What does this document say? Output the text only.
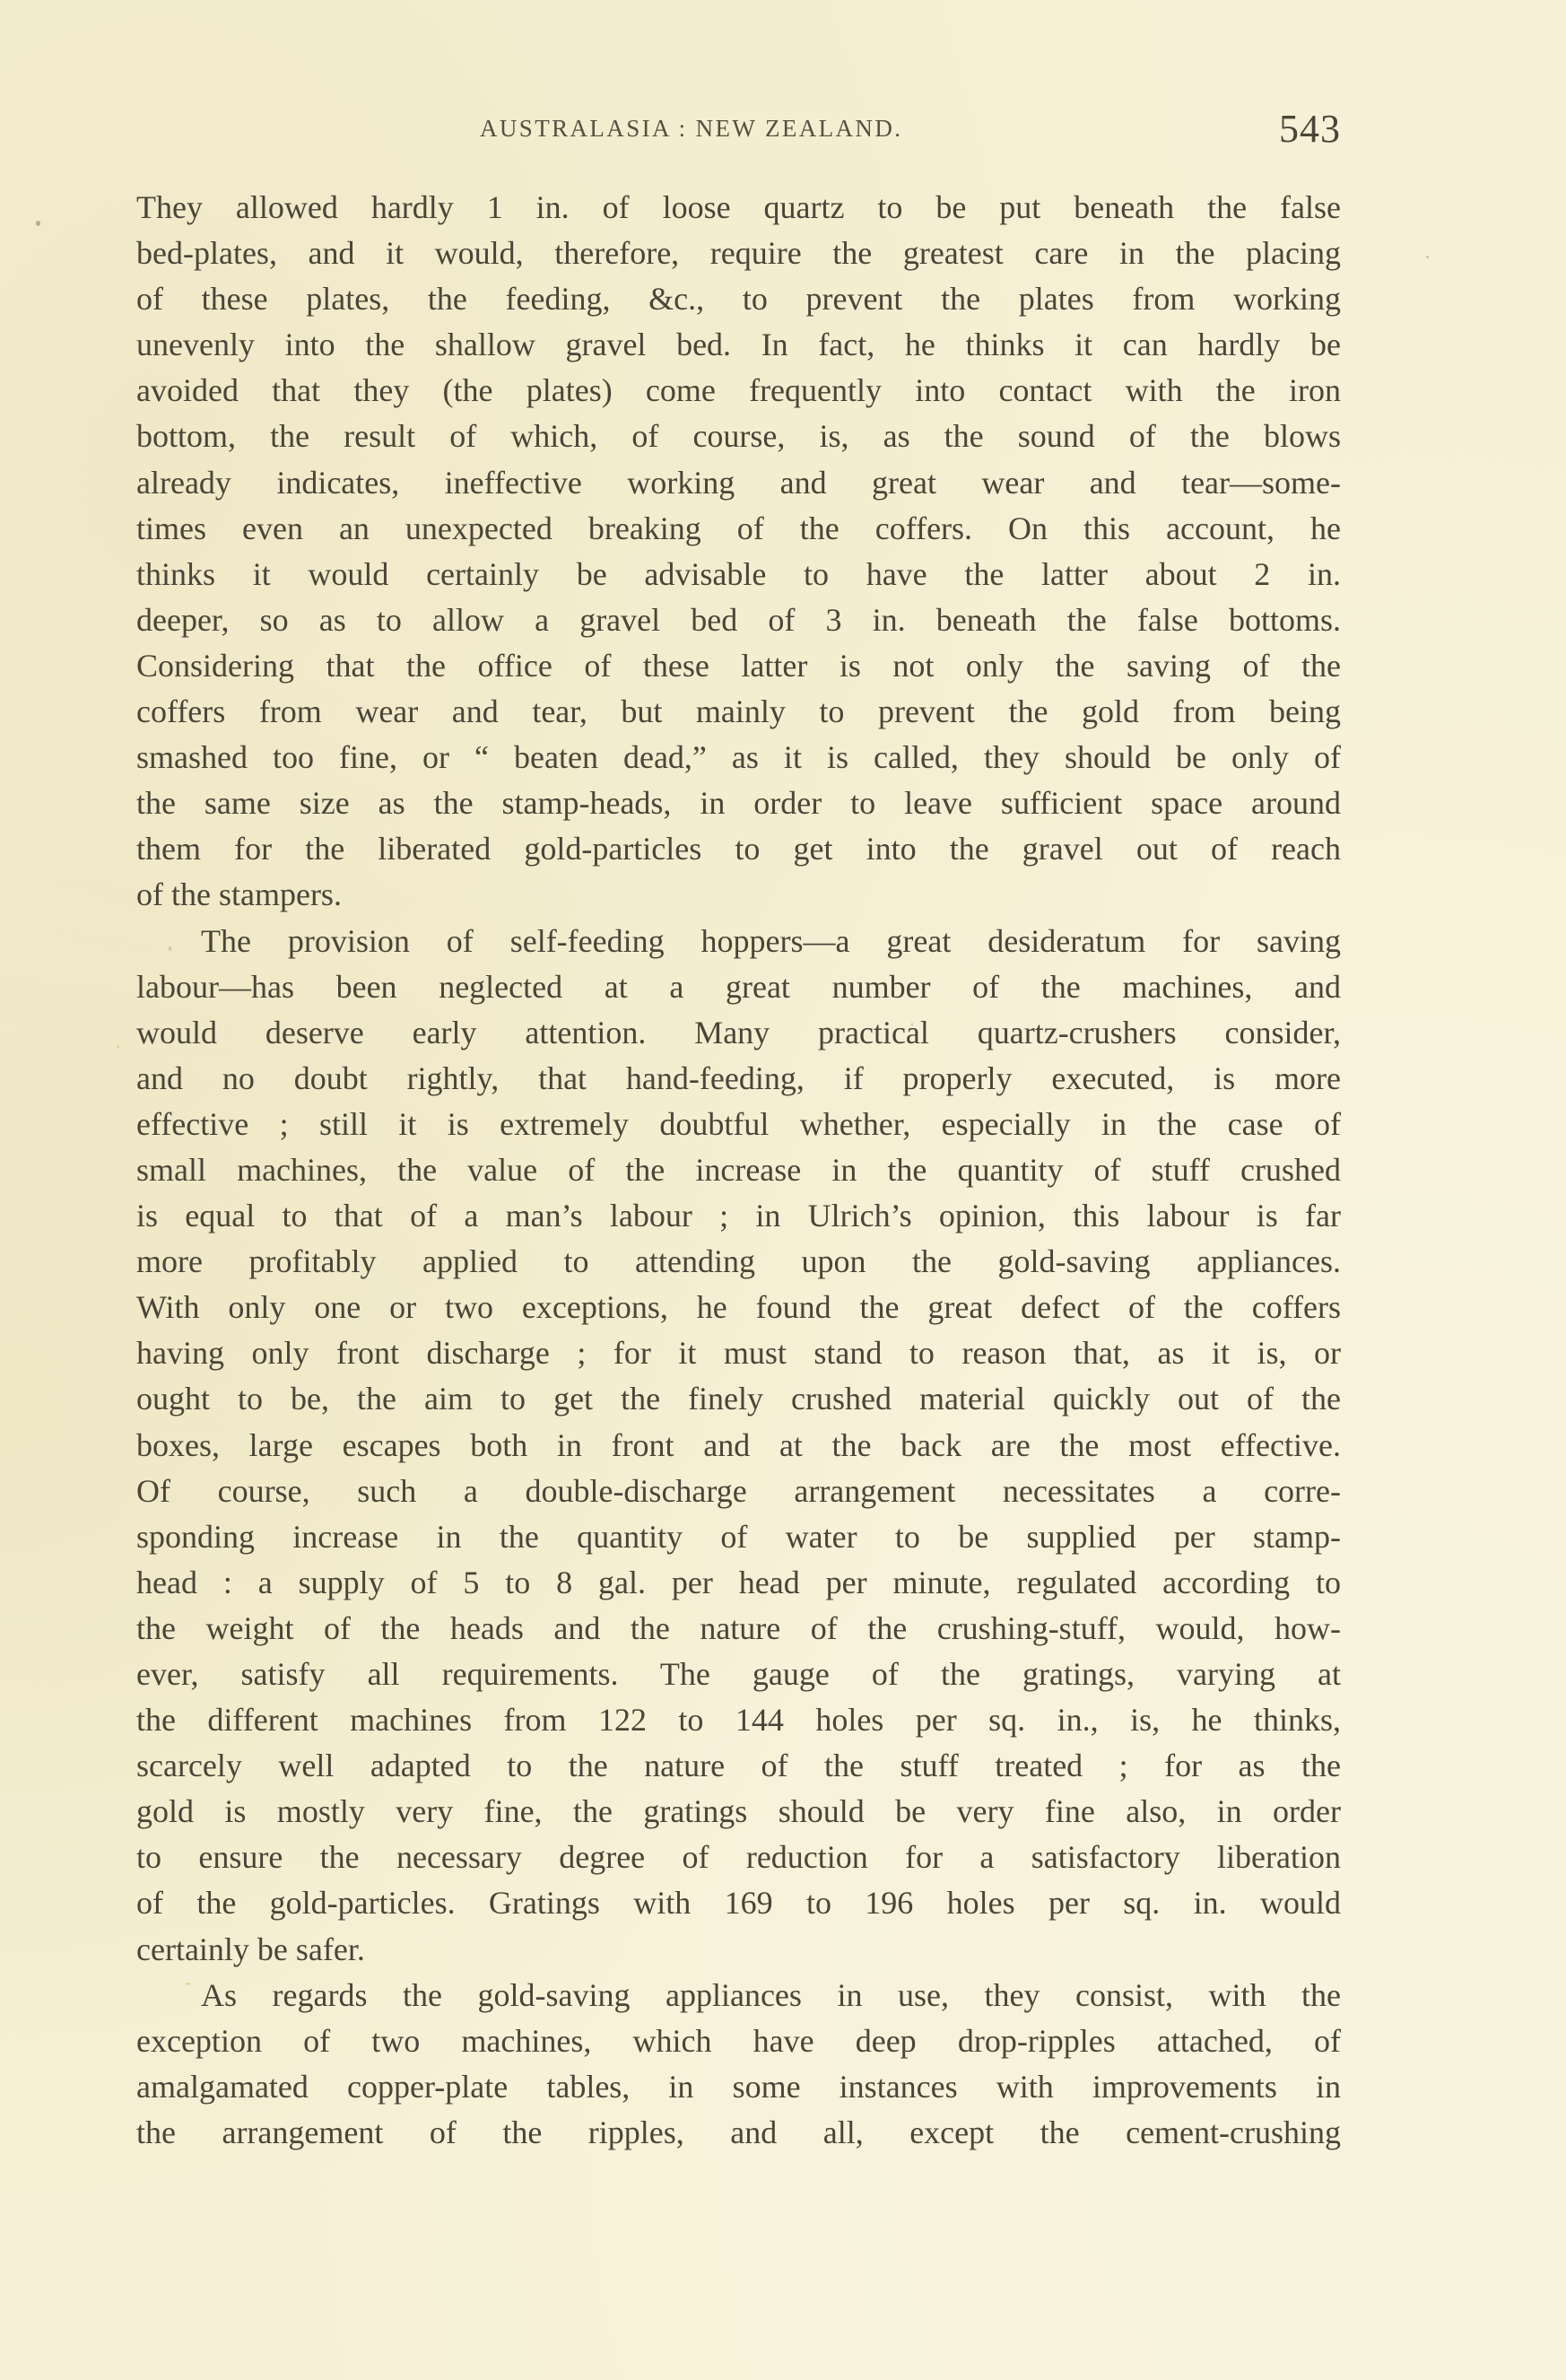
AUSTRALASIA : NEW ZEALAND.	543
They allowed hardly 1 in. of loose quartz to be put beneath the false
bed-plates, and it would, therefore, require the greatest care in the placing
of these plates, the feeding, &c., to prevent the plates from working
unevenly into the shallow gravel bed. In fact, he thinks it can hardly be
avoided that they (the plates) come frequently into contact with the iron
bottom, the result of which, of course, is, as the sound of the blows
already indicates, ineffective working and great wear and tear—some-
times even an unexpected breaking of the coffers. On this account, he
thinks it would certainly be advisable to have the latter about 2 in.
deeper, so as to allow a gravel bed of 3 in. beneath the false bottoms.
Considering that the office of these latter is not only the saving of the
coffers from wear and tear, but mainly to prevent the gold from being
smashed too fine, or “ beaten dead,” as it is called, they should be only of
the same size as the stamp-heads, in order to leave sufficient space around
them for the liberated gold-particles to get into the gravel out of reach
of the stampers.
The provision of self-feeding hoppers—a great desideratum for saving
labour—has been neglected at a great number of the machines, and
would deserve early attention. Many practical quartz-crushers consider,
and no doubt rightly, that hand-feeding, if properly executed, is more
effective ; still it is extremely doubtful whether, especially in the case of
small machines, the value of the increase in the quantity of stuff crushed
is equal to that of a man’s labour ; in Ulrich’s opinion, this labour is far
more profitably applied to attending upon the gold-saving appliances.
With only one or two exceptions, he found the great defect of the coffers
having only front discharge ; for it must stand to reason that, as it is, or
ought to be, the aim to get the finely crushed material quickly out of the
boxes, large escapes both in front and at the back are the most effective.
Of course, such a double-discharge arrangement necessitates a corre-
sponding increase in the quantity of water to be supplied per stamp-
head : a supply of 5 to 8 gal. per head per minute, regulated according to
the weight of the heads and the nature of the crushing-stuff, would, how-
ever, satisfy all requirements. The gauge of the gratings, varying at
the different machines from 122 to 144 holes per sq. in., is, he thinks,
scarcely well adapted to the nature of the stuff treated ; for as the
gold is mostly very fine, the gratings should be very fine also, in order
to ensure the necessary degree of reduction for a satisfactory liberation
of the gold-particles. Gratings with 169 to 196 holes per sq. in. would
certainly be safer.
As regards the gold-saving appliances in use, they consist, with the
exception of two machines, which have deep drop-ripples attached, of
amalgamated copper-plate tables, in some instances with improvements in
the arrangement of the ripples, and all, except the cement-crushing
